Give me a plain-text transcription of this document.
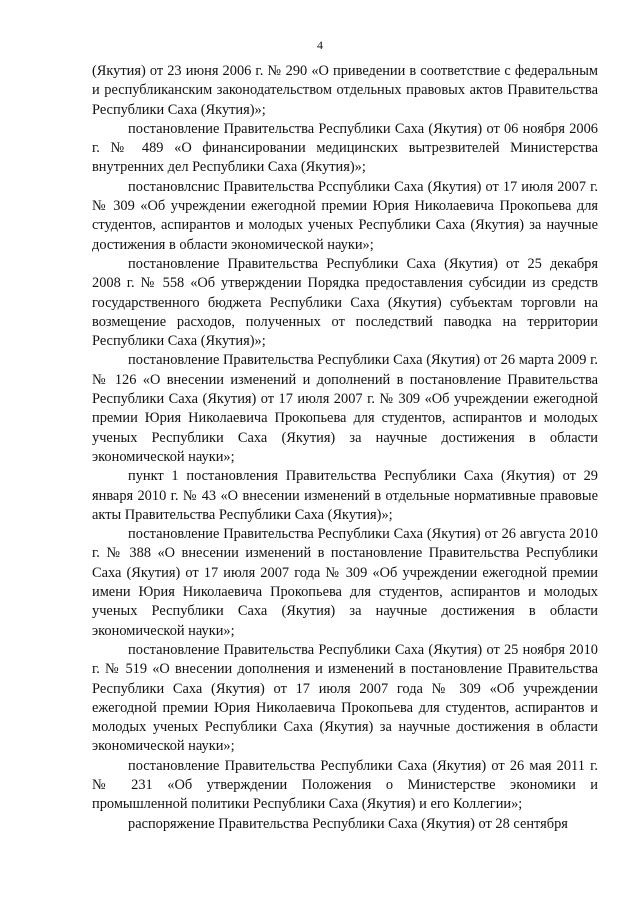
4

(Якутия) от 23 июня 2006 г. № 290 «О приведении в соответствие с федеральным и республиканским законодательством отдельных правовых актов Правительства Республики Саха (Якутия)»;

постановление Правительства Республики Саха (Якутия) от 06 ноября 2006 г. № 489 «О финансировании медицинских вытрезвителей Министерства внутренних дел Республики Саха (Якутия)»;

постановлснис Правительства Рсспублики Саха (Якутия) от 17 июля 2007 г. № 309 «Об учреждении ежегодной премии Юрия Николаевича Прокопьева для студентов, аспирантов и молодых ученых Республики Саха (Якутия) за научные достижения в области экономической науки»;

постановление Правительства Республики Саха (Якутия) от 25 декабря 2008 г. № 558 «Об утверждении Порядка предоставления субсидии из средств государственного бюджета Республики Саха (Якутия) субъектам торговли на возмещение расходов, полученных от последствий паводка на территории Республики Саха (Якутия)»;

постановление Правительства Республики Саха (Якутия) от 26 марта 2009 г. № 126 «О внесении изменений и дополнений в постановление Правительства Республики Саха (Якутия) от 17 июля 2007 г. № 309 «Об учреждении ежегодной премии Юрия Николаевича Прокопьева для студентов, аспирантов и молодых ученых Республики Саха (Якутия) за научные достижения в области экономической науки»;

пункт 1 постановления Правительства Республики Саха (Якутия) от 29 января 2010 г. № 43 «О внесении изменений в отдельные нормативные правовые акты Правительства Республики Саха (Якутия)»;

постановление Правительства Республики Саха (Якутия) от 26 августа 2010 г. № 388 «О внесении изменений в постановление Правительства Республики Саха (Якутия) от 17 июля 2007 года № 309 «Об учреждении ежегодной премии имени Юрия Николаевича Прокопьева для студентов, аспирантов и молодых ученых Республики Саха (Якутия) за научные достижения в области экономической науки»;

постановление Правительства Республики Саха (Якутия) от 25 ноября 2010 г. № 519 «О внесении дополнения и изменений в постановление Правительства Республики Саха (Якутия) от 17 июля 2007 года № 309 «Об учреждении ежегодной премии Юрия Николаевича Прокопьева для студентов, аспирантов и молодых ученых Республики Саха (Якутия) за научные достижения в области экономической науки»;

постановление Правительства Республики Саха (Якутия) от 26 мая 2011 г. № 231 «Об утверждении Положения о Министерстве экономики и промышленной политики Республики Саха (Якутия) и его Коллегии»;

распоряжение Правительства Республики Саха (Якутия) от 28 сентября
